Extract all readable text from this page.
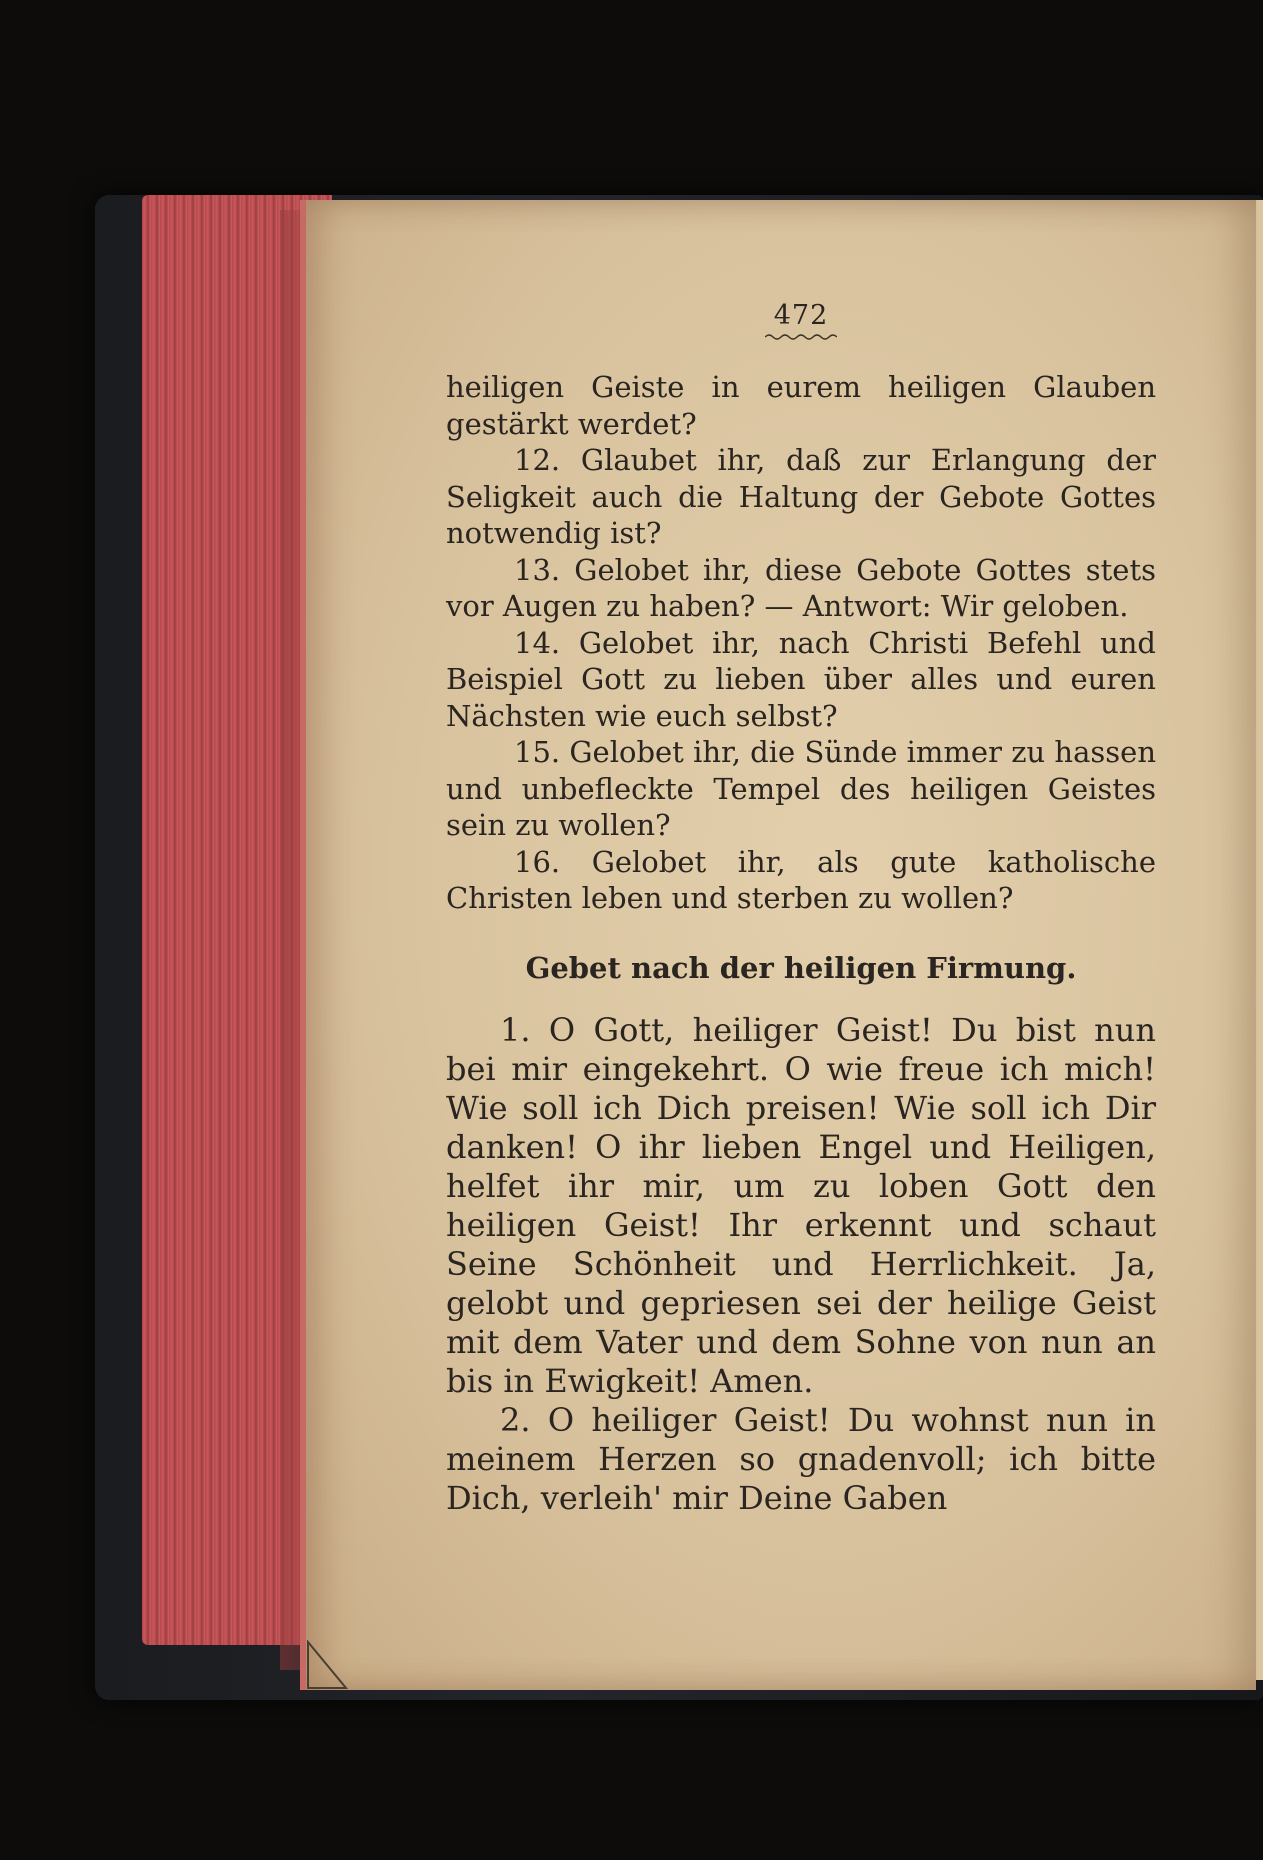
472

heiligen Geiste in eurem heiligen Glauben gestärkt werdet?

12. Glaubet ihr, daß zur Erlangung der Seligkeit auch die Haltung der Gebote Gottes notwendig ist?

13. Gelobet ihr, diese Gebote Gottes stets vor Augen zu haben? — Antwort: Wir geloben.

14. Gelobet ihr, nach Christi Befehl und Beispiel Gott zu lieben über alles und euren Nächsten wie euch selbst?

15. Gelobet ihr, die Sünde immer zu hassen und unbefleckte Tempel des heiligen Geistes sein zu wollen?

16. Gelobet ihr, als gute katholische Christen leben und sterben zu wollen?

Gebet nach der heiligen Firmung.

1. O Gott, heiliger Geist! Du bist nun bei mir eingekehrt. O wie freue ich mich! Wie soll ich Dich preisen! Wie soll ich Dir danken! O ihr lieben Engel und Heiligen, helfet ihr mir, um zu loben Gott den heiligen Geist! Ihr erkennt und schaut Seine Schönheit und Herrlichkeit. Ja, gelobt und gepriesen sei der heilige Geist mit dem Vater und dem Sohne von nun an bis in Ewigkeit! Amen.

2. O heiliger Geist! Du wohnst nun in meinem Herzen so gnadenvoll; ich bitte Dich, verleih' mir Deine Gaben
